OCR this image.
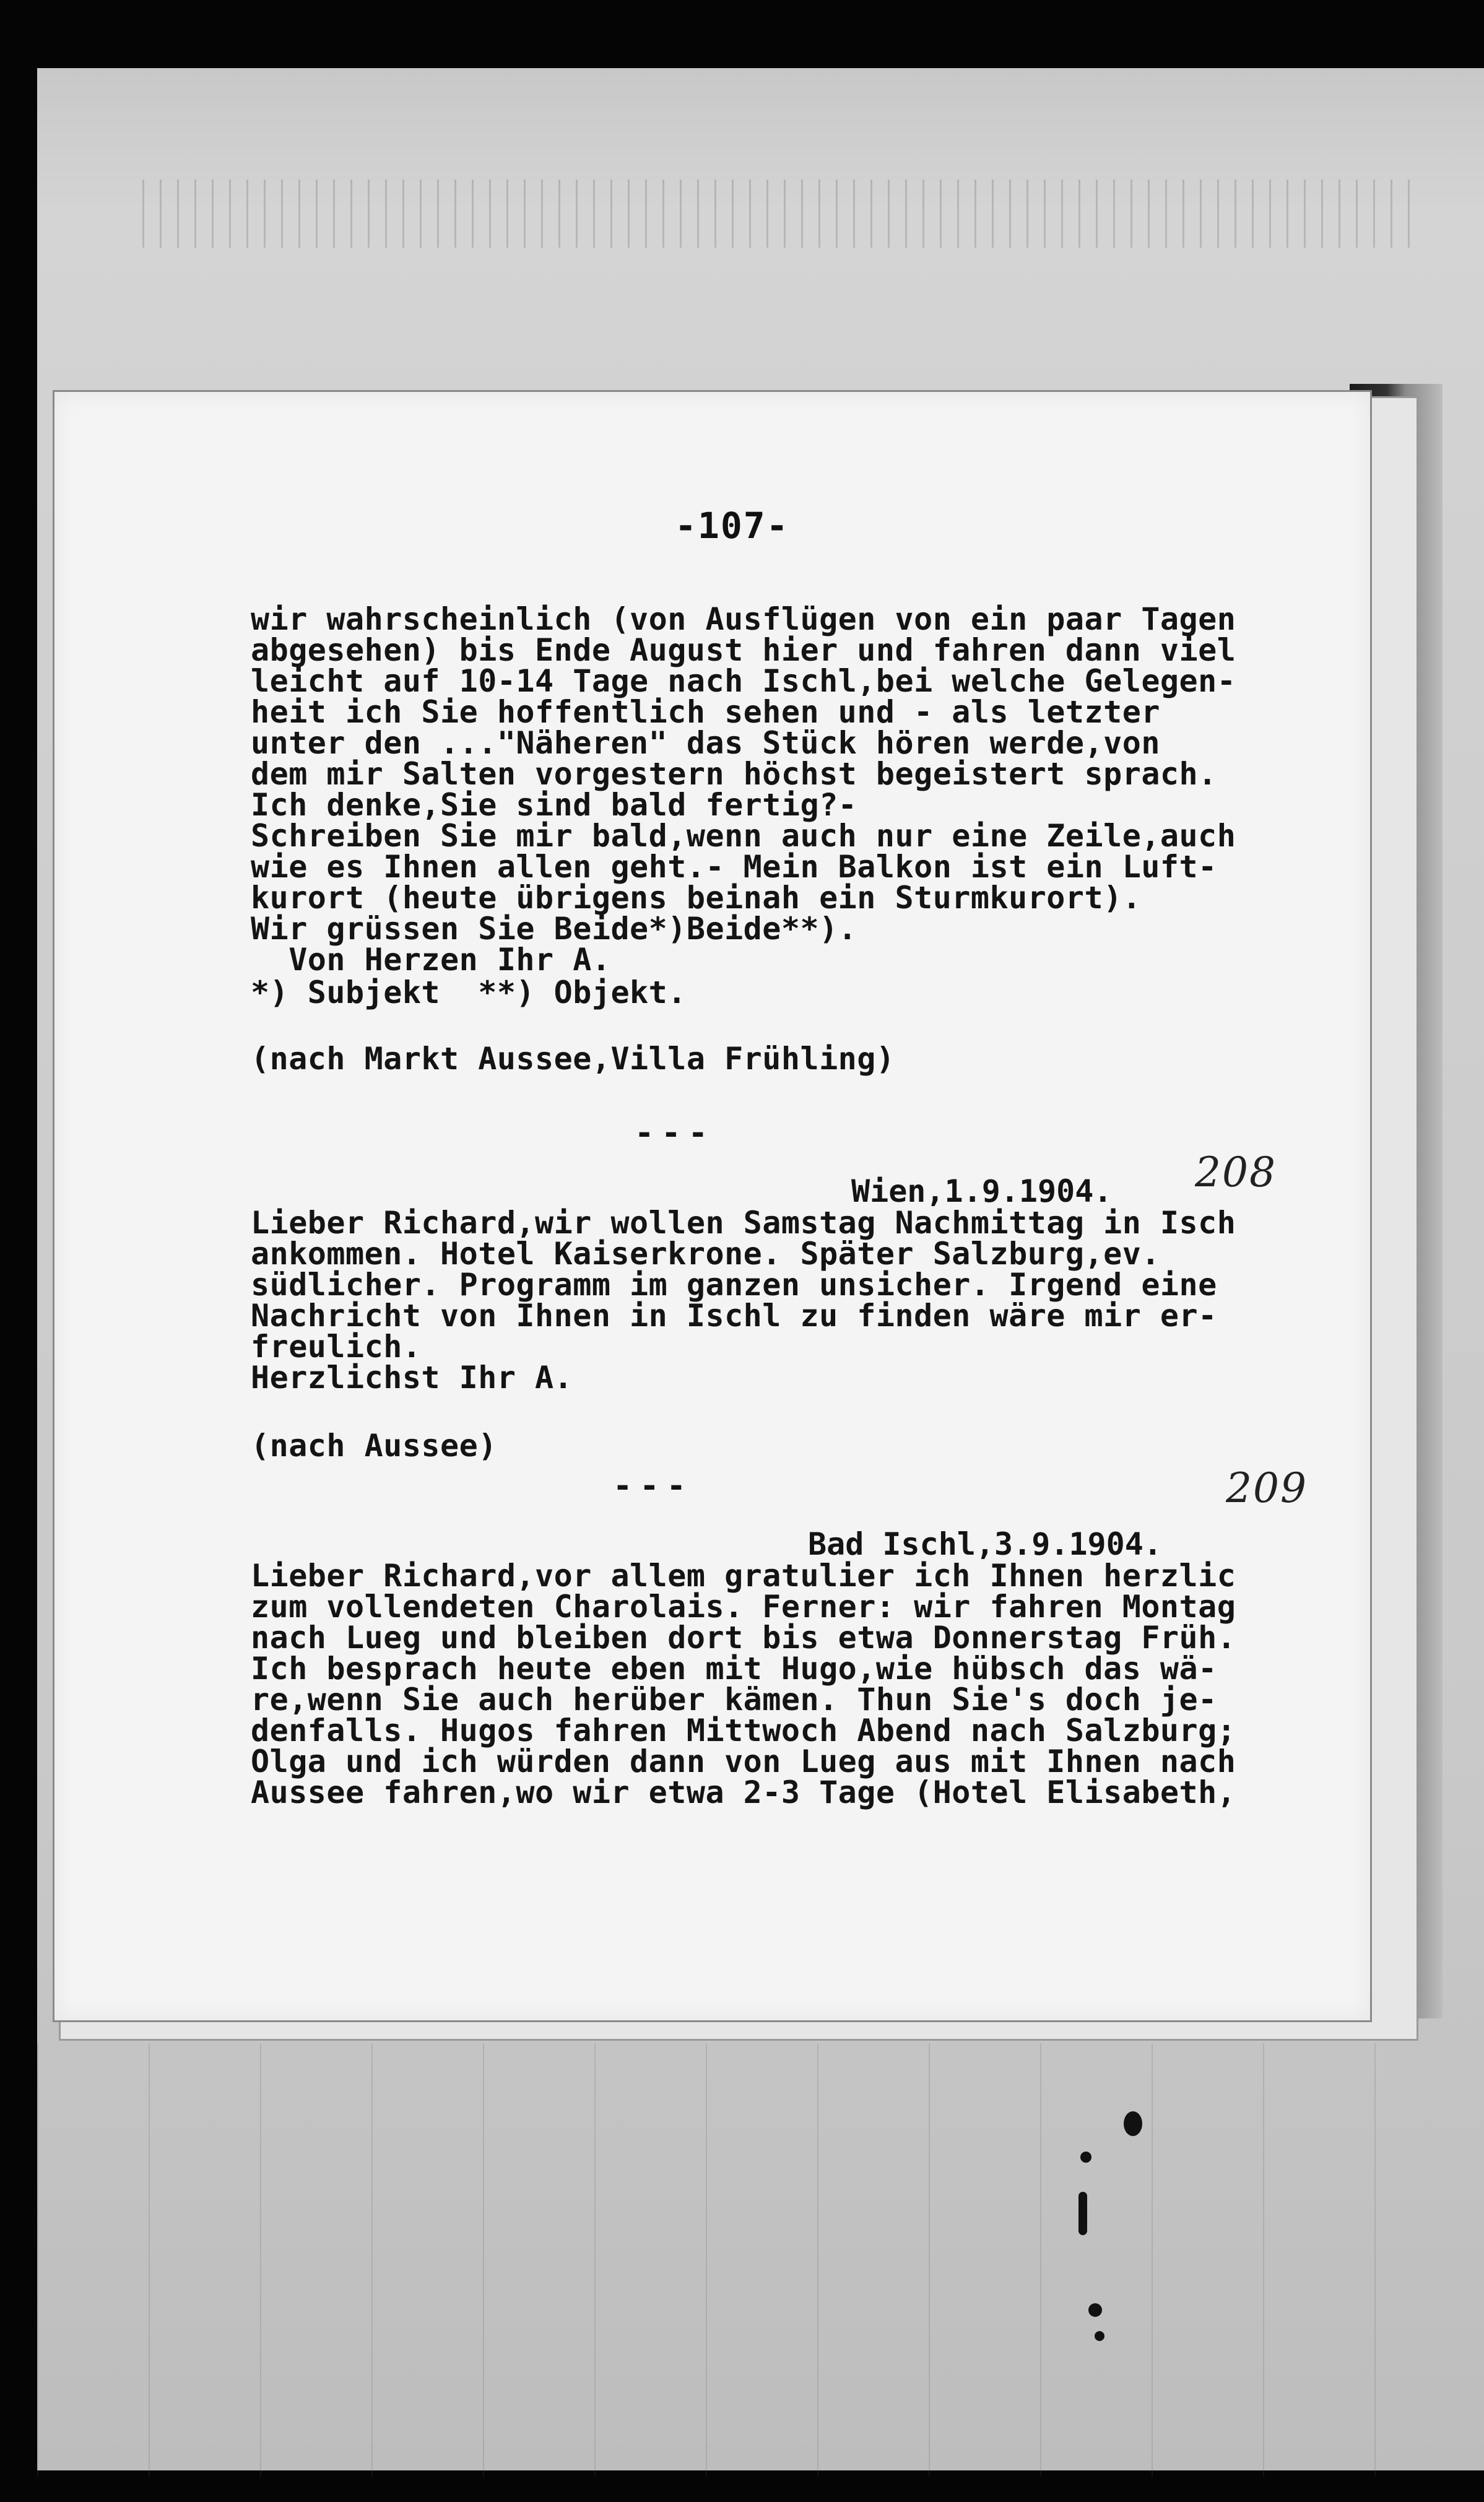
-107-
wir wahrscheinlich (von Ausflügen von ein paar Tagen
abgesehen) bis Ende August hier und fahren dann viel
leicht auf 10-14 Tage nach Ischl,bei welche Gelegen-
heit ich Sie hoffentlich sehen und - als letzter
unter den ..."Näheren" das Stück hören werde,von
dem mir Salten vorgestern höchst begeistert sprach.
Ich denke,Sie sind bald fertig?-
Schreiben Sie mir bald,wenn auch nur eine Zeile,auch
wie es Ihnen allen geht.- Mein Balkon ist ein Luft-
kurort (heute übrigens beinah ein Sturmkurort).
Wir grüssen Sie Beide*)Beide**).
Von Herzen Ihr A.
*) Subjekt  **) Objekt.
(nach Markt Aussee,Villa Frühling)
---
208
Wien,1.9.1904.
Lieber Richard,wir wollen Samstag Nachmittag in Isch
ankommen. Hotel Kaiserkrone. Später Salzburg,ev.
südlicher. Programm im ganzen unsicher. Irgend eine
Nachricht von Ihnen in Ischl zu finden wäre mir er-
freulich.
Herzlichst Ihr A.
(nach Aussee)
---	209
Bad Ischl,3.9.1904.
Lieber Richard,vor allem gratulier ich Ihnen herzlic
zum vollendeten Charolais. Ferner: wir fahren Montag
nach Lueg und bleiben dort bis etwa Donnerstag Früh.
Ich besprach heute eben mit Hugo,wie hübsch das wä-
re,wenn Sie auch herüber kämen. Thun Sie's doch je-
denfalls. Hugos fahren Mittwoch Abend nach Salzburg;
Olga und ich würden dann von Lueg aus mit Ihnen nach
Aussee fahren,wo wir etwa 2-3 Tage (Hotel Elisabeth,
